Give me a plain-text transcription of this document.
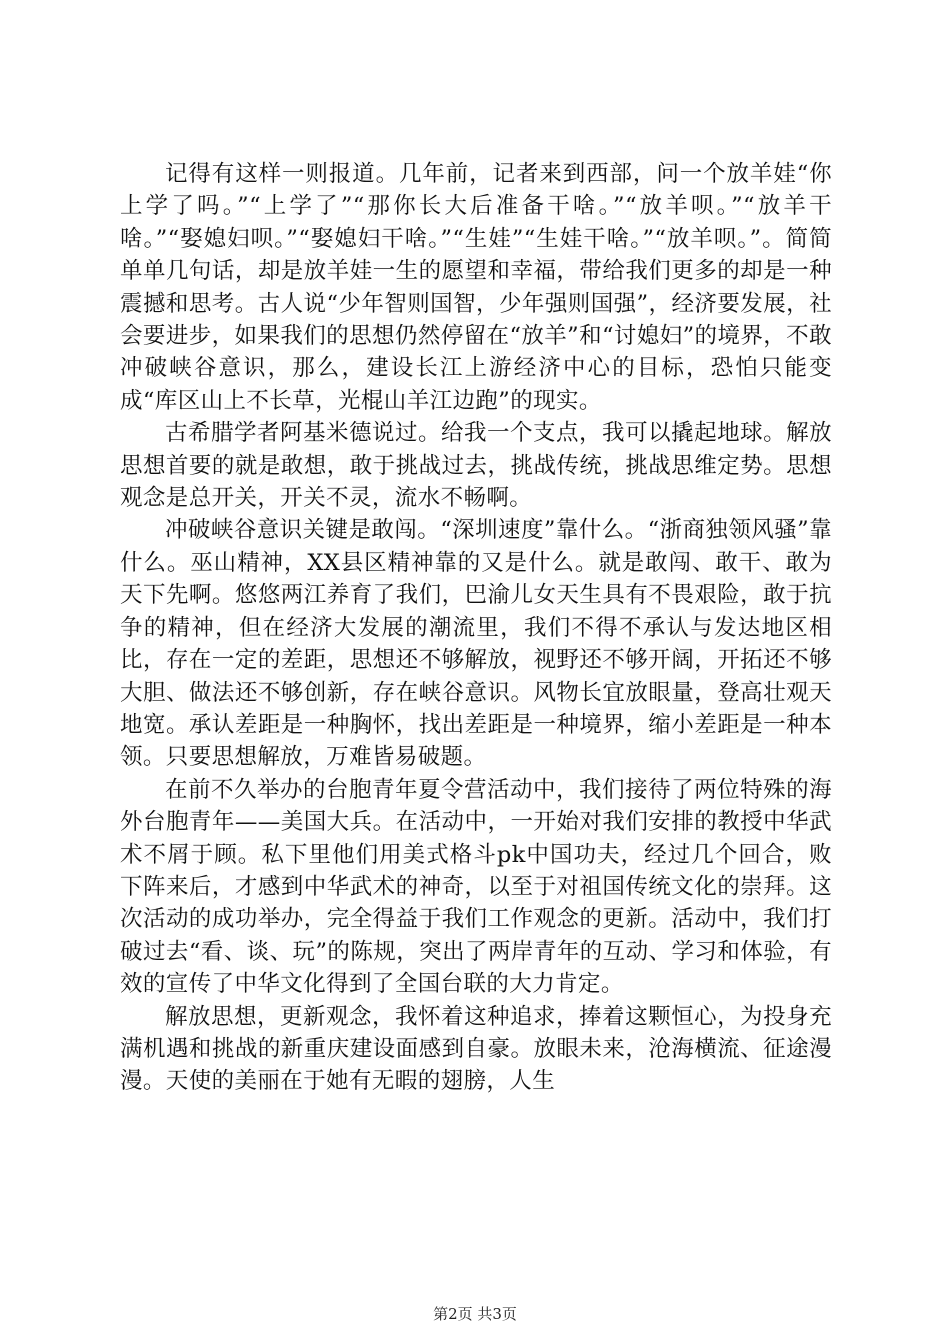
记得有这样一则报道。几年前，记者来到西部，问一个放羊娃“你上学了吗。”“上学了”“那你长大后准备干啥。”“放羊呗。”“放羊干啥。”“娶媳妇呗。”“娶媳妇干啥。”“生娃”“生娃干啥。”“放羊呗。”。简简单单几句话，却是放羊娃一生的愿望和幸福，带给我们更多的却是一种震撼和思考。古人说“少年智则国智，少年强则国强”，经济要发展，社会要进步，如果我们的思想仍然停留在“放羊”和“讨媳妇”的境界，不敢冲破峡谷意识，那么，建设长江上游经济中心的目标，恐怕只能变成“库区山上不长草，光棍山羊江边跑”的现实。

古希腊学者阿基米德说过。给我一个支点，我可以撬起地球。解放思想首要的就是敢想，敢于挑战过去，挑战传统，挑战思维定势。思想观念是总开关，开关不灵，流水不畅啊。

冲破峡谷意识关键是敢闯。“深圳速度”靠什么。“浙商独领风骚”靠什么。巫山精神，XX县区精神靠的又是什么。就是敢闯、敢干、敢为天下先啊。悠悠两江养育了我们，巴渝儿女天生具有不畏艰险，敢于抗争的精神，但在经济大发展的潮流里，我们不得不承认与发达地区相比，存在一定的差距，思想还不够解放，视野还不够开阔，开拓还不够大胆、做法还不够创新，存在峡谷意识。风物长宜放眼量，登高壮观天地宽。承认差距是一种胸怀，找出差距是一种境界，缩小差距是一种本领。只要思想解放，万难皆易破题。

在前不久举办的台胞青年夏令营活动中，我们接待了两位特殊的海外台胞青年——美国大兵。在活动中，一开始对我们安排的教授中华武术不屑于顾。私下里他们用美式格斗pk中国功夫，经过几个回合，败下阵来后，才感到中华武术的神奇，以至于对祖国传统文化的崇拜。这次活动的成功举办，完全得益于我们工作观念的更新。活动中，我们打破过去“看、谈、玩”的陈规，突出了两岸青年的互动、学习和体验，有效的宣传了中华文化得到了全国台联的大力肯定。

解放思想，更新观念，我怀着这种追求，捧着这颗恒心，为投身充满机遇和挑战的新重庆建设面感到自豪。放眼未来，沧海横流、征途漫漫。天使的美丽在于她有无暇的翅膀，人生

第2页 共3页
